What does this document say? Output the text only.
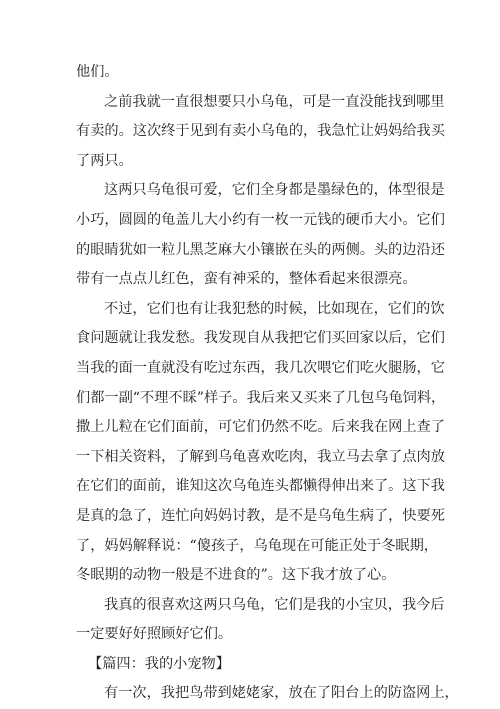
他们。
之前我就一直很想要只小乌龟，可是一直没能找到哪里
有卖的。这次终于见到有卖小乌龟的，我急忙让妈妈给我买
了两只。
这两只乌龟很可爱，它们全身都是墨绿色的，体型很是
小巧，圆圆的龟盖儿大小约有一枚一元钱的硬币大小。它们
的眼睛犹如一粒儿黑芝麻大小镶嵌在头的两侧。头的边沿还
带有一点点儿红色，蛮有神采的，整体看起来很漂亮。
不过，它们也有让我犯愁的时候，比如现在，它们的饮
食问题就让我发愁。我发现自从我把它们买回家以后，它们
当我的面一直就没有吃过东西，我几次喂它们吃火腿肠，它
们都一副“不理不睬”样子。我后来又买来了几包乌龟饲料，
撒上儿粒在它们面前，可它们仍然不吃。后来我在网上查了
一下相关资料，了解到乌龟喜欢吃肉，我立马去拿了点肉放
在它们的面前，谁知这次乌龟连头都懒得伸出来了。这下我
是真的急了，连忙向妈妈讨教，是不是乌龟生病了，快要死
了，妈妈解释说：“傻孩子，乌龟现在可能正处于冬眠期，
冬眠期的动物一般是不进食的”。这下我才放了心。
我真的很喜欢这两只乌龟，它们是我的小宝贝，我今后
一定要好好照顾好它们。
【篇四：我的小宠物】
有一次，我把鸟带到姥姥家，放在了阳台上的防盗网上，
